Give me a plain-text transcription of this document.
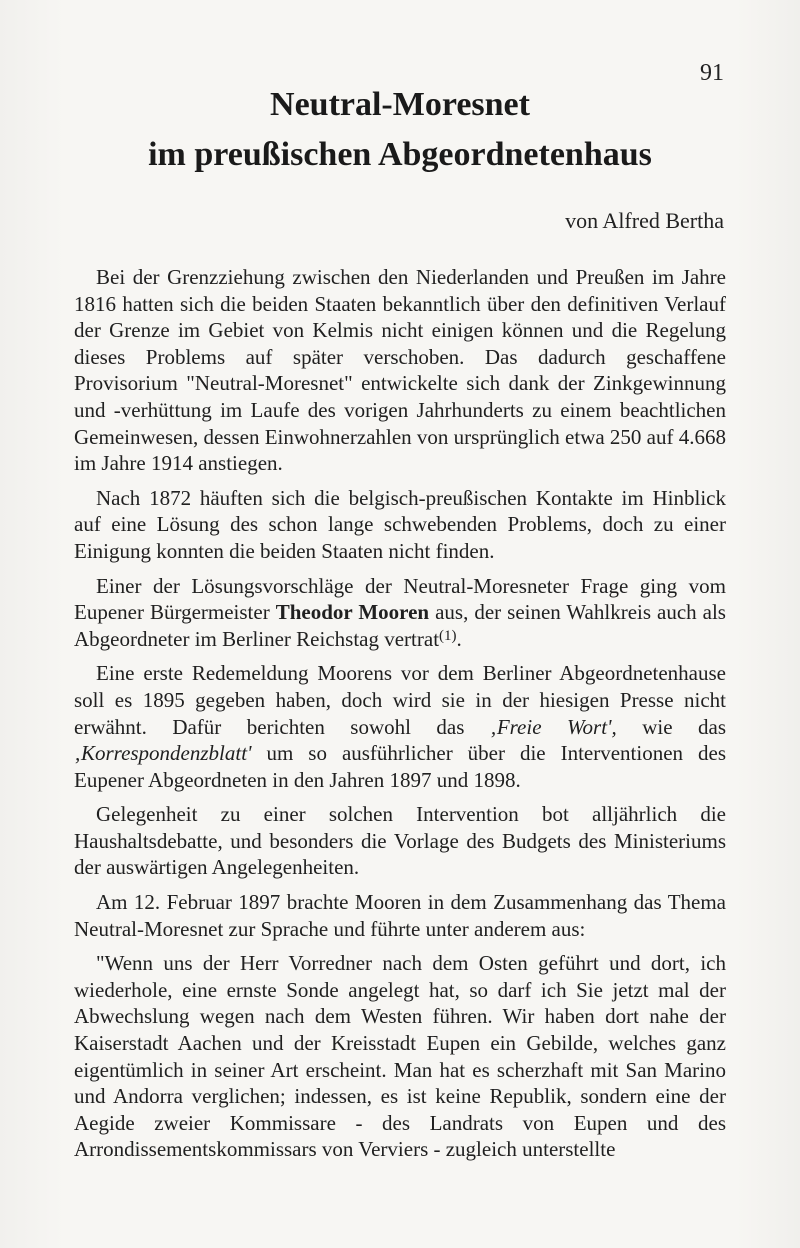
91
Neutral-Moresnet
im preußischen Abgeordnetenhaus
von Alfred Bertha

Bei der Grenzziehung zwischen den Niederlanden und Preußen im Jahre 1816 hatten sich die beiden Staaten bekanntlich über den definitiven Verlauf der Grenze im Gebiet von Kelmis nicht einigen können und die Regelung dieses Problems auf später verschoben. Das dadurch geschaffene Provisorium "Neutral-Moresnet" entwickelte sich dank der Zinkgewinnung und -verhüttung im Laufe des vorigen Jahrhunderts zu einem beachtlichen Gemeinwesen, dessen Einwohnerzahlen von ursprünglich etwa 250 auf 4.668 im Jahre 1914 anstiegen.

Nach 1872 häuften sich die belgisch-preußischen Kontakte im Hinblick auf eine Lösung des schon lange schwebenden Problems, doch zu einer Einigung konnten die beiden Staaten nicht finden.

Einer der Lösungsvorschläge der Neutral-Moresneter Frage ging vom Eupener Bürgermeister Theodor Mooren aus, der seinen Wahlkreis auch als Abgeordneter im Berliner Reichstag vertrat$^{(1)}$.

Eine erste Redemeldung Moorens vor dem Berliner Abgeordnetenhause soll es 1895 gegeben haben, doch wird sie in der hiesigen Presse nicht erwähnt. Dafür berichten sowohl das ‚Freie Wort', wie das ‚Korrespondenzblatt' um so ausführlicher über die Interventionen des Eupener Abgeordneten in den Jahren 1897 und 1898.

Gelegenheit zu einer solchen Intervention bot alljährlich die Haushaltsdebatte, und besonders die Vorlage des Budgets des Ministeriums der auswärtigen Angelegenheiten.

Am 12. Februar 1897 brachte Mooren in dem Zusammenhang das Thema Neutral-Moresnet zur Sprache und führte unter anderem aus:

"Wenn uns der Herr Vorredner nach dem Osten geführt und dort, ich wiederhole, eine ernste Sonde angelegt hat, so darf ich Sie jetzt mal der Abwechslung wegen nach dem Westen führen. Wir haben dort nahe der Kaiserstadt Aachen und der Kreisstadt Eupen ein Gebilde, welches ganz eigentümlich in seiner Art erscheint. Man hat es scherzhaft mit San Marino und Andorra verglichen; indessen, es ist keine Republik, sondern eine der Aegide zweier Kommissare - des Landrats von Eupen und des Arrondissementskommissars von Verviers - zugleich unterstellte
